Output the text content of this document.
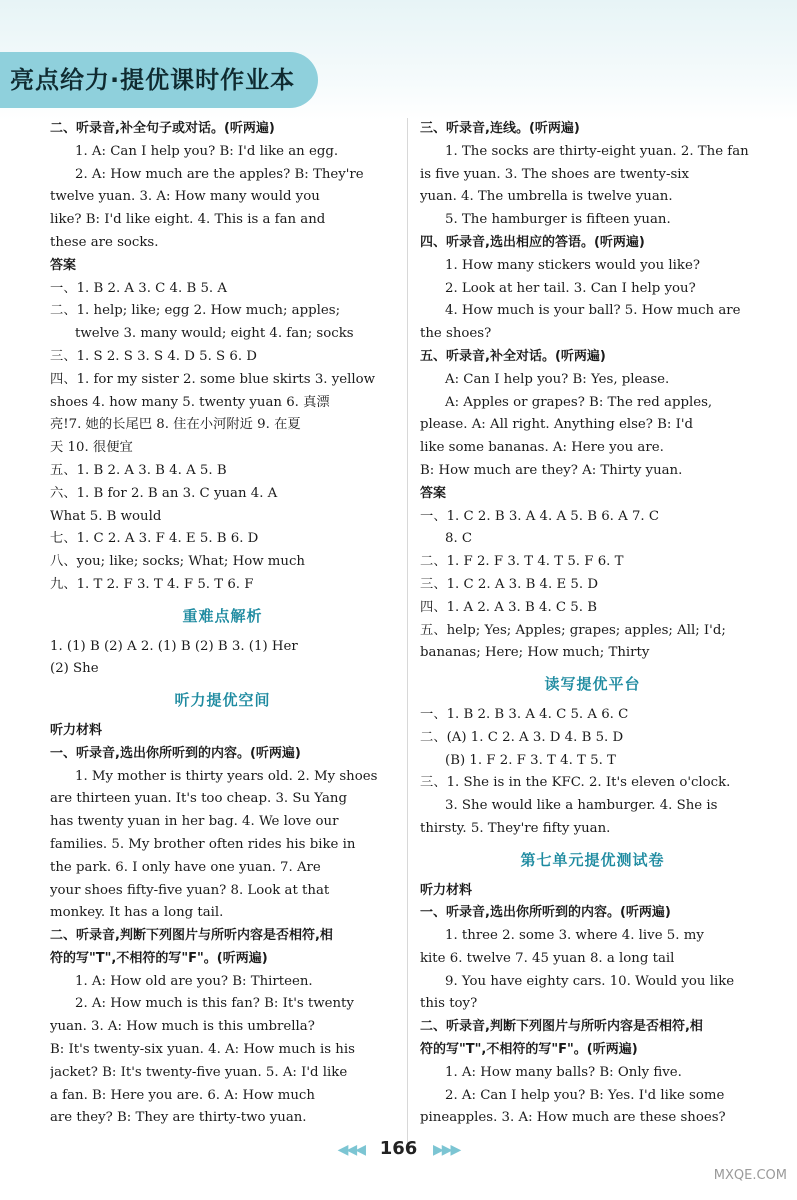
亮点给力·提优课时作业本
二、听录音,补全句子或对话。(听两遍)
1. A: Can I help you? B: I'd like an egg.
2. A: How much are the apples? B: They're
twelve yuan. 3. A: How many would you
like? B: I'd like eight. 4. This is a fan and
these are socks.
答案
一、1. B 2. A 3. C 4. B 5. A
二、1. help; like; egg 2. How much; apples;
twelve 3. many would; eight 4. fan; socks
三、1. S 2. S 3. S 4. D 5. S 6. D
四、1. for my sister 2. some blue skirts 3. yellow
shoes 4. how many 5. twenty yuan 6. 真漂
亮!7. 她的长尾巴 8. 住在小河附近 9. 在夏
天 10. 很便宜
五、1. B 2. A 3. B 4. A 5. B
六、1. B for 2. B an 3. C yuan 4. A
What 5. B would
七、1. C 2. A 3. F 4. E 5. B 6. D
八、you; like; socks; What; How much
九、1. T 2. F 3. T 4. F 5. T 6. F
重难点解析
1. (1) B (2) A 2. (1) B (2) B 3. (1) Her
(2) She
听力提优空间
听力材料
一、听录音,选出你所听到的内容。(听两遍)
1. My mother is thirty years old. 2. My shoes
are thirteen yuan. It's too cheap. 3. Su Yang
has twenty yuan in her bag. 4. We love our
families. 5. My brother often rides his bike in
the park. 6. I only have one yuan. 7. Are
your shoes fifty-five yuan? 8. Look at that
monkey. It has a long tail.
二、听录音,判断下列图片与所听内容是否相符,相
符的写"T",不相符的写"F"。(听两遍)
1. A: How old are you? B: Thirteen.
2. A: How much is this fan? B: It's twenty
yuan. 3. A: How much is this umbrella?
B: It's twenty-six yuan. 4. A: How much is his
jacket? B: It's twenty-five yuan. 5. A: I'd like
a fan. B: Here you are. 6. A: How much
are they? B: They are thirty-two yuan.
三、听录音,连线。(听两遍)
1. The socks are thirty-eight yuan. 2. The fan
is five yuan. 3. The shoes are twenty-six
yuan. 4. The umbrella is twelve yuan.
5. The hamburger is fifteen yuan.
四、听录音,选出相应的答语。(听两遍)
1. How many stickers would you like?
2. Look at her tail. 3. Can I help you?
4. How much is your ball? 5. How much are
the shoes?
五、听录音,补全对话。(听两遍)
A: Can I help you? B: Yes, please.
A: Apples or grapes? B: The red apples,
please. A: All right. Anything else? B: I'd
like some bananas. A: Here you are.
B: How much are they? A: Thirty yuan.
答案
一、1. C 2. B 3. A 4. A 5. B 6. A 7. C
8. C
二、1. F 2. F 3. T 4. T 5. F 6. T
三、1. C 2. A 3. B 4. E 5. D
四、1. A 2. A 3. B 4. C 5. B
五、help; Yes; Apples; grapes; apples; All; I'd;
bananas; Here; How much; Thirty
读写提优平台
一、1. B 2. B 3. A 4. C 5. A 6. C
二、(A) 1. C 2. A 3. D 4. B 5. D
(B) 1. F 2. F 3. T 4. T 5. T
三、1. She is in the KFC. 2. It's eleven o'clock.
3. She would like a hamburger. 4. She is
thirsty. 5. They're fifty yuan.
第七单元提优测试卷
听力材料
一、听录音,选出你所听到的内容。(听两遍)
1. three 2. some 3. where 4. live 5. my
kite 6. twelve 7. 45 yuan 8. a long tail
9. You have eighty cars. 10. Would you like
this toy?
二、听录音,判断下列图片与所听内容是否相符,相
符的写"T",不相符的写"F"。(听两遍)
1. A: How many balls? B: Only five.
2. A: Can I help you? B: Yes. I'd like some
pineapples. 3. A: How much are these shoes?
◀◀◀ 166 ▶▶▶
MXQE.COM
